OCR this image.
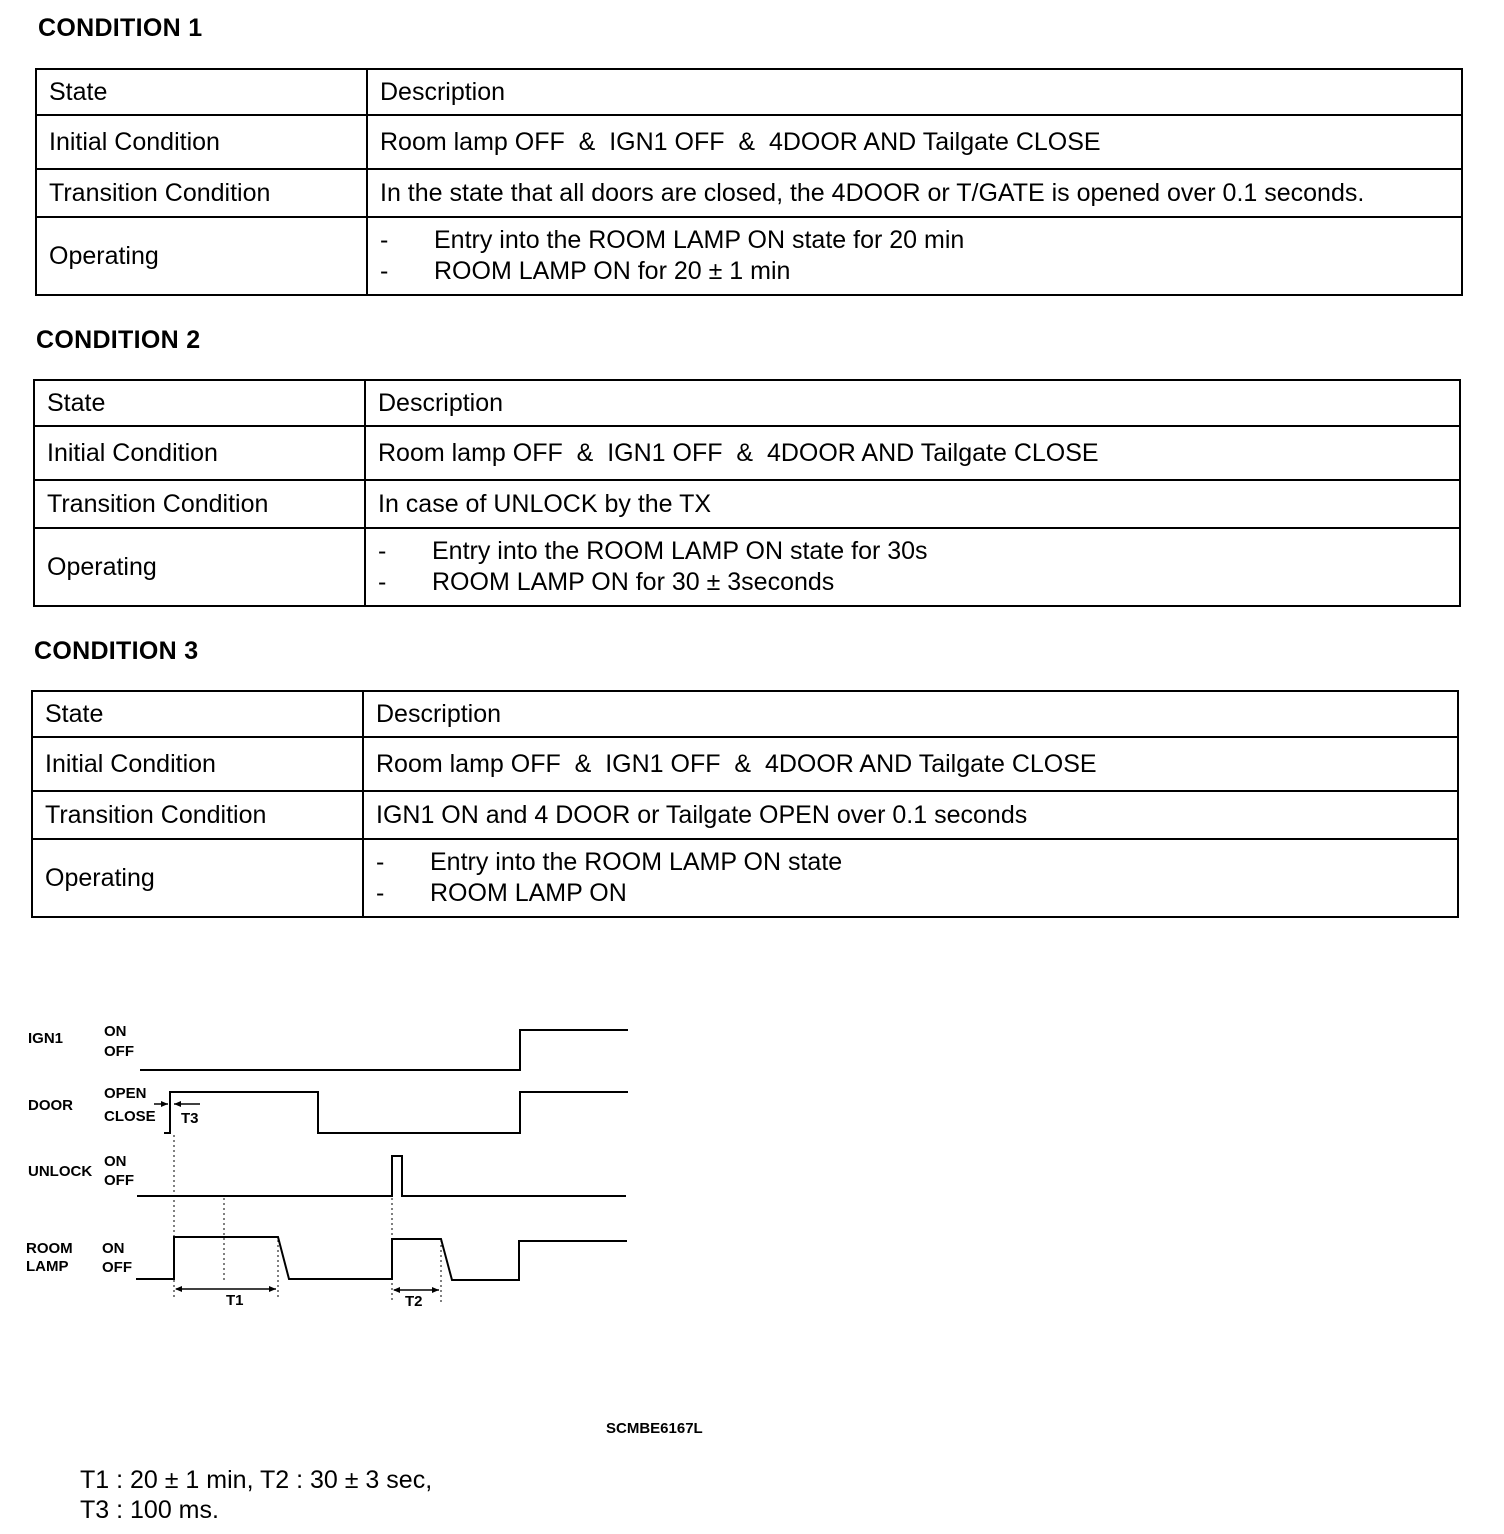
CONDITION 1
State	Description
Initial Condition	Room lamp OFF  &  IGN1 OFF  &  4DOOR AND Tailgate CLOSE
Transition Condition	In the state that all doors are closed, the 4DOOR or T/GATE is opened over 0.1 seconds.
Operating	- Entry into the ROOM LAMP ON state for 20 min
- ROOM LAMP ON for 20 ± 1 min
CONDITION 2
State	Description
Initial Condition	Room lamp OFF  &  IGN1 OFF  &  4DOOR AND Tailgate CLOSE
Transition Condition	In case of UNLOCK by the TX
Operating	- Entry into the ROOM LAMP ON state for 30s
- ROOM LAMP ON for 30 ± 3seconds
CONDITION 3
State	Description
Initial Condition	Room lamp OFF  &  IGN1 OFF  &  4DOOR AND Tailgate CLOSE
Transition Condition	IGN1 ON and 4 DOOR or Tailgate OPEN over 0.1 seconds
Operating	- Entry into the ROOM LAMP ON state
- ROOM LAMP ON
IGN1
DOOR
UNLOCK
ROOM
LAMP
ON
OFF
OPEN
CLOSE
ON
OFF
ON
OFF
T3
T1	T2
SCMBE6167L
T1 : 20 ± 1 min, T2 : 30 ± 3 sec,
T3 : 100 ms.
